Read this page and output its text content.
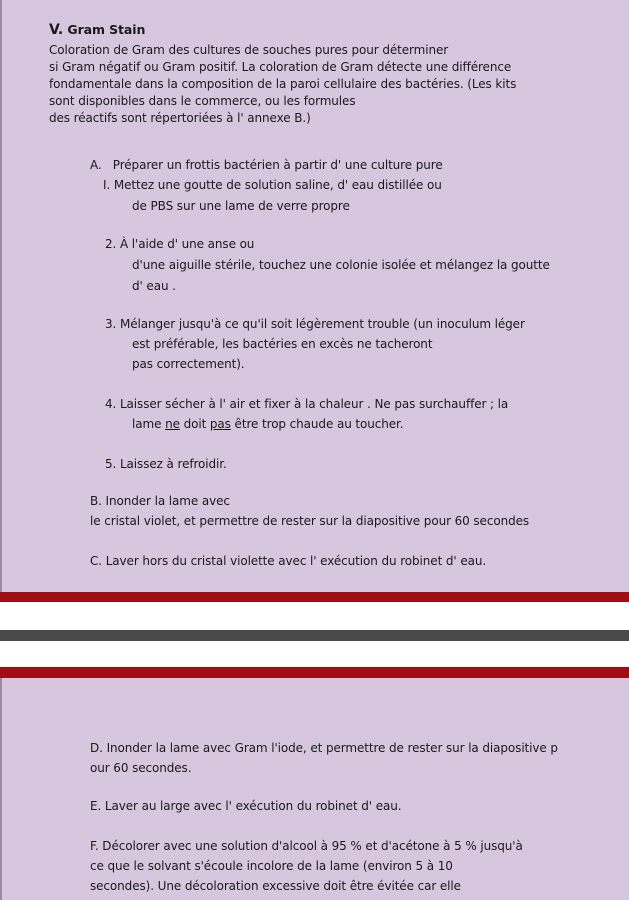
V. Gram Stain
Coloration de Gram des cultures de souches pures pour déterminer
si Gram négatif ou Gram positif. La coloration de Gram détecte une différence
fondamentale dans la composition de la paroi cellulaire des bactéries. (Les kits
sont disponibles dans le commerce, ou les formules
des réactifs sont répertoriées à l' annexe B.)
A. Préparer un frottis bactérien à partir d' une culture pure
I. Mettez une goutte de solution saline, d' eau distillée ou
de PBS sur une lame de verre propre
2. À l'aide d' une anse ou
d'une aiguille stérile, touchez une colonie isolée et mélangez la goutte
d' eau .
3. Mélanger jusqu'à ce qu'il soit légèrement trouble (un inoculum léger
est préférable, les bactéries en excès ne tacheront
pas correctement).
4. Laisser sécher à l' air et fixer à la chaleur . Ne pas surchauffer ; la
lame ne doit pas être trop chaude au toucher.
5. Laissez à refroidir.
B. Inonder la lame avec
le cristal violet, et permettre de rester sur la diapositive pour 60 secondes
C. Laver hors du cristal violette avec l' exécution du robinet d' eau.
D. Inonder la lame avec Gram l'iode, et permettre de rester sur la diapositive p
our 60 secondes.
E. Laver au large avec l' exécution du robinet d' eau.
F. Décolorer avec une solution d'alcool à 95 % et d'acétone à 5 % jusqu'à
ce que le solvant s'écoule incolore de la lame (environ 5 à 10
secondes). Une décoloration excessive doit être évitée car elle
